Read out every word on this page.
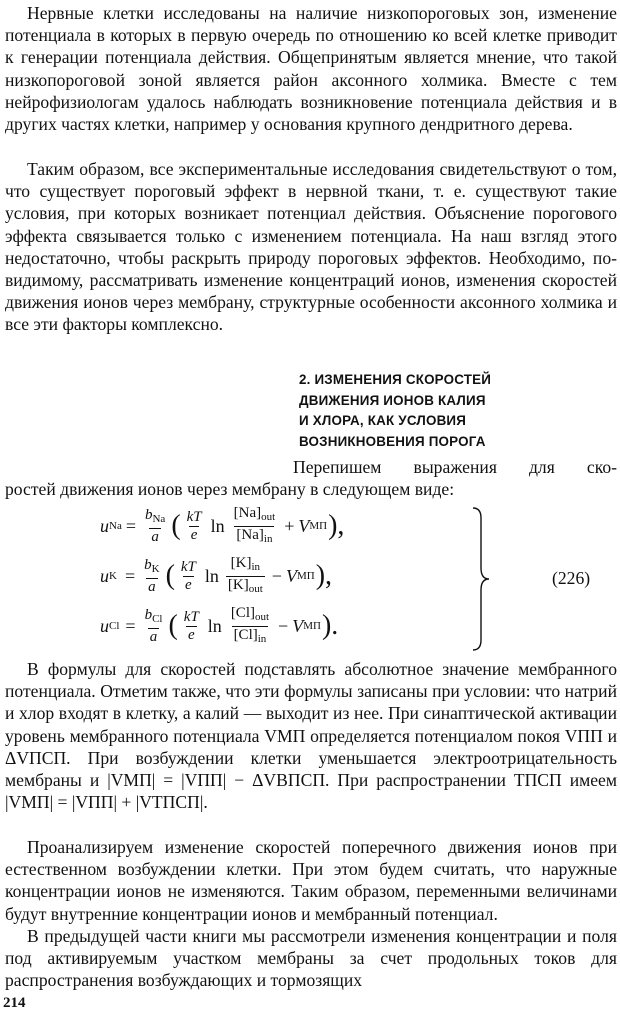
Нервные клетки исследованы на наличие низкопороговых зон, изменение потенциала в которых в первую очередь по отношению ко всей клетке приводит к генерации потенциала действия. Общепринятым является мнение, что такой низкопороговой зоной является район аксонного холмика. Вместе с тем нейрофизиологам удалось наблюдать возникновение потенциала действия и в других частях клетки, например у основания крупного дендритного дерева.

Таким образом, все экспериментальные исследования свидетельствуют о том, что существует пороговый эффект в нервной ткани, т. е. существуют такие условия, при которых возникает потенциал действия. Объяснение порогового эффекта связывается только с изменением потенциала. На наш взгляд этого недостаточно, чтобы раскрыть природу пороговых эффектов. Необходимо, по-видимому, рассматривать изменение концентраций ионов, изменения скоростей движения ионов через мембрану, структурные особенности аксонного холмика и все эти факторы комплексно.

2. ИЗМЕНЕНИЯ СКОРОСТЕЙ
ДВИЖЕНИЯ ИОНОВ КАЛИЯ
И ХЛОРА, КАК УСЛОВИЯ
ВОЗНИКНОВЕНИЯ ПОРОГА
Перепишем выражения для ско-
ростей движения ионов через мембрану в следующем виде:
u $Na = \frac{b_{Na}}{a}$ ( $\frac{kT}{e}$ $\ln \frac{[Na]_{out}}{[Na]_{in}} + V$ МП ),
u $K = \frac{b_K}{a}$ ( $\frac{kT}{e}$ $\ln \frac{[K]_{in}}{[K]_{out}} - V$ МП ),
u $Cl = \frac{b_{Cl}}{a}$ ( $\frac{kT}{e}$ $\ln \frac{[Cl]_{out}}{[Cl]_{in}} - V$ МП ).
(226)

В формулы для скоростей подставлять абсолютное значение мембранного потенциала. Отметим также, что эти формулы записаны при условии: что натрий и хлор входят в клетку, а калий — выходит из нее. При синаптической активации уровень мембранного потенциала VМП определяется потенциалом покоя VПП и ΔVПСП. При возбуждении клетки уменьшается электроотрицательность мембраны и |VМП| = |VПП| − ΔVВПСП. При распространении ТПСП имеем |VМП| = |VПП| + |VТПСП|.

Проанализируем изменение скоростей поперечного движения ионов при естественном возбуждении клетки. При этом будем считать, что наружные концентрации ионов не изменяются. Таким образом, переменными величинами будут внутренние концентрации ионов и мембранный потенциал.

В предыдущей части книги мы рассмотрели изменения концентрации и поля под активируемым участком мембраны за счет продольных токов для распространения возбуждающих и тормозящих

214
